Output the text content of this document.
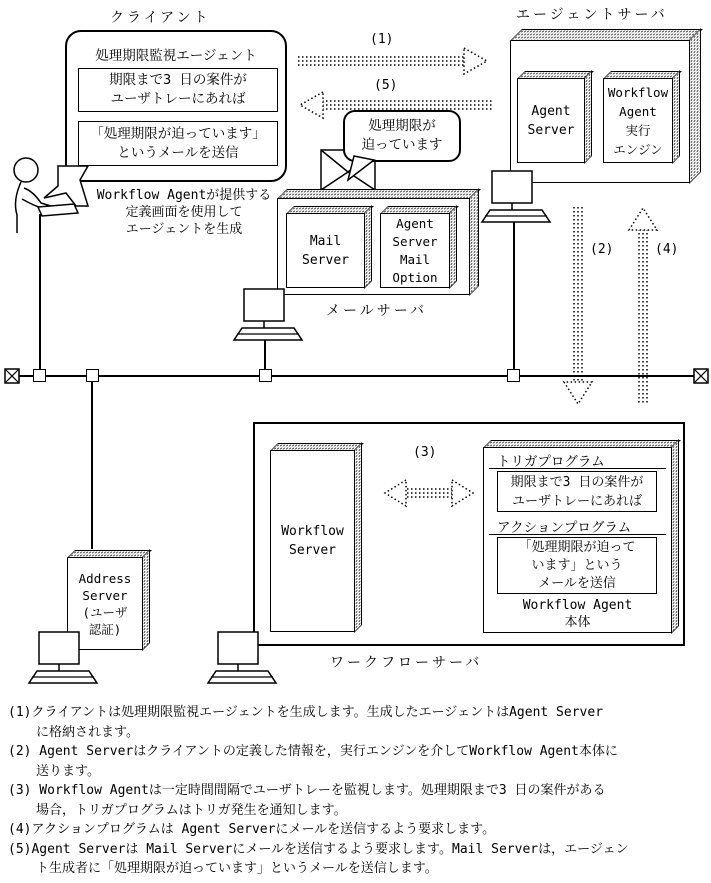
クライアント	エージェントサーバ
処理期限監視エージェント
期限まで3 日の案件が
ユーザトレーにあれば
「処理期限が迫っています」
というメールを送信
Workflow Agentが提供する
定義画面を使用して
エージェントを生成
(1)
(5)
Agent
Server
Workflow
Agent
実行
エンジン
処理期限が
迫っています
Mail
Server
Agent
Server
Mail
Option
メールサーバ
(2)	(4)
Workflow
Server
(3)
トリガプログラム
期限まで3 日の案件が
ユーザトレーにあれば
アクションプログラム
「処理期限が迫って
います」という
メールを送信
Workflow Agent
本体
ワークフローサーバ
Address
Server
(ユーザ
認証)
(1)クライアントは処理期限監視エージェントを生成します。生成したエージェントはAgent Server
に格納されます。
(2) Agent Serverはクライアントの定義した情報を，実行エンジンを介してWorkflow Agent本体に
送ります。
(3) Workflow Agentは一定時間間隔でユーザトレーを監視します。処理期限まで3 日の案件がある
場合，トリガプログラムはトリガ発生を通知します。
(4)アクションプログラムは Agent Serverにメールを送信するよう要求します。
(5)Agent Serverは Mail Serverにメールを送信するよう要求します。Mail Serverは，エージェン
ト生成者に「処理期限が迫っています」というメールを送信します。
